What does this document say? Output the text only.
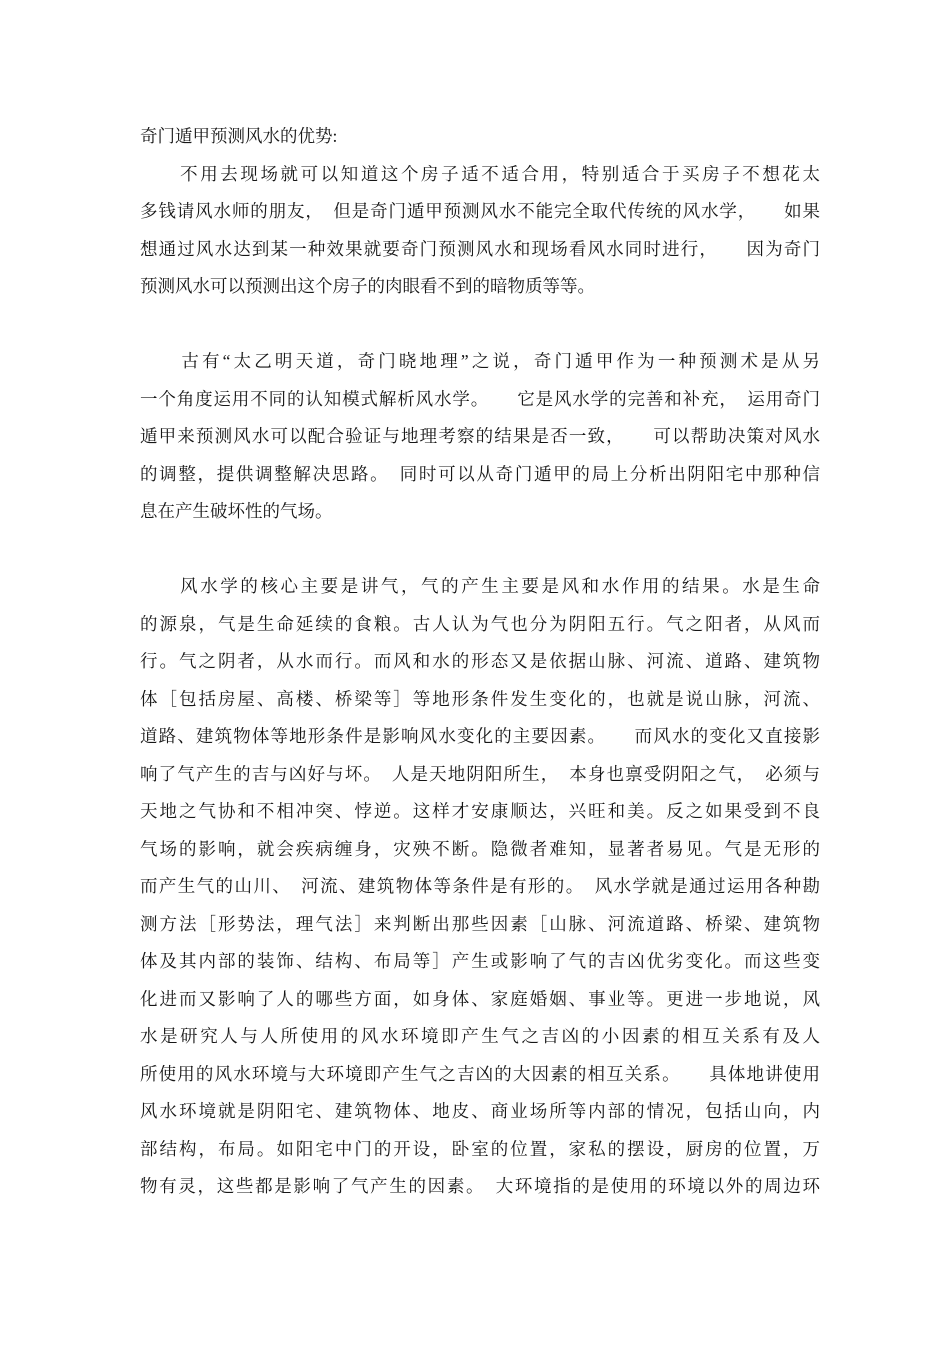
奇门遁甲预测风水的优势:
　　不用去现场就可以知道这个房子适不适合用，特别适合于买房子不想花太
多钱请风水师的朋友，　但是奇门遁甲预测风水不能完全取代传统的风水学，　　如果
想通过风水达到某一种效果就要奇门预测风水和现场看风水同时进行，　　因为奇门
预测风水可以预测出这个房子的肉眼看不到的暗物质等等。
　　古有“太乙明天道，奇门晓地理”之说，奇门遁甲作为一种预测术是从另
一个角度运用不同的认知模式解析风水学。　　它是风水学的完善和补充，　运用奇门
遁甲来预测风水可以配合验证与地理考察的结果是否一致，　　可以帮助决策对风水
的调整，提供调整解决思路。　同时可以从奇门遁甲的局上分析出阴阳宅中那种信
息在产生破坏性的气场。
　　风水学的核心主要是讲气，气的产生主要是风和水作用的结果。水是生命
的源泉，气是生命延续的食粮。古人认为气也分为阴阳五行。气之阳者，从风而
行。气之阴者，从水而行。而风和水的形态又是依据山脉、河流、道路、建筑物
体［包括房屋、高楼、桥梁等］等地形条件发生变化的，也就是说山脉，河流、
道路、建筑物体等地形条件是影响风水变化的主要因素。　　而风水的变化又直接影
响了气产生的吉与凶好与坏。　人是天地阴阳所生，　本身也禀受阴阳之气，　必须与
天地之气协和不相冲突、悖逆。这样才安康顺达，兴旺和美。反之如果受到不良
气场的影响，就会疾病缠身，灾殃不断。隐微者难知，显著者易见。气是无形的
而产生气的山川、　河流、建筑物体等条件是有形的。　风水学就是通过运用各种勘
测方法［形势法，理气法］来判断出那些因素［山脉、河流道路、桥梁、建筑物
体及其内部的装饰、结构、布局等］产生或影响了气的吉凶优劣变化。而这些变
化进而又影响了人的哪些方面，如身体、家庭婚姻、事业等。更进一步地说，风
水是研究人与人所使用的风水环境即产生气之吉凶的小因素的相互关系有及人
所使用的风水环境与大环境即产生气之吉凶的大因素的相互关系。　　具体地讲使用
风水环境就是阴阳宅、建筑物体、地皮、商业场所等内部的情况，包括山向，内
部结构，布局。如阳宅中门的开设，卧室的位置，家私的摆设，厨房的位置，万
物有灵，这些都是影响了气产生的因素。　大环境指的是使用的环境以外的周边环
